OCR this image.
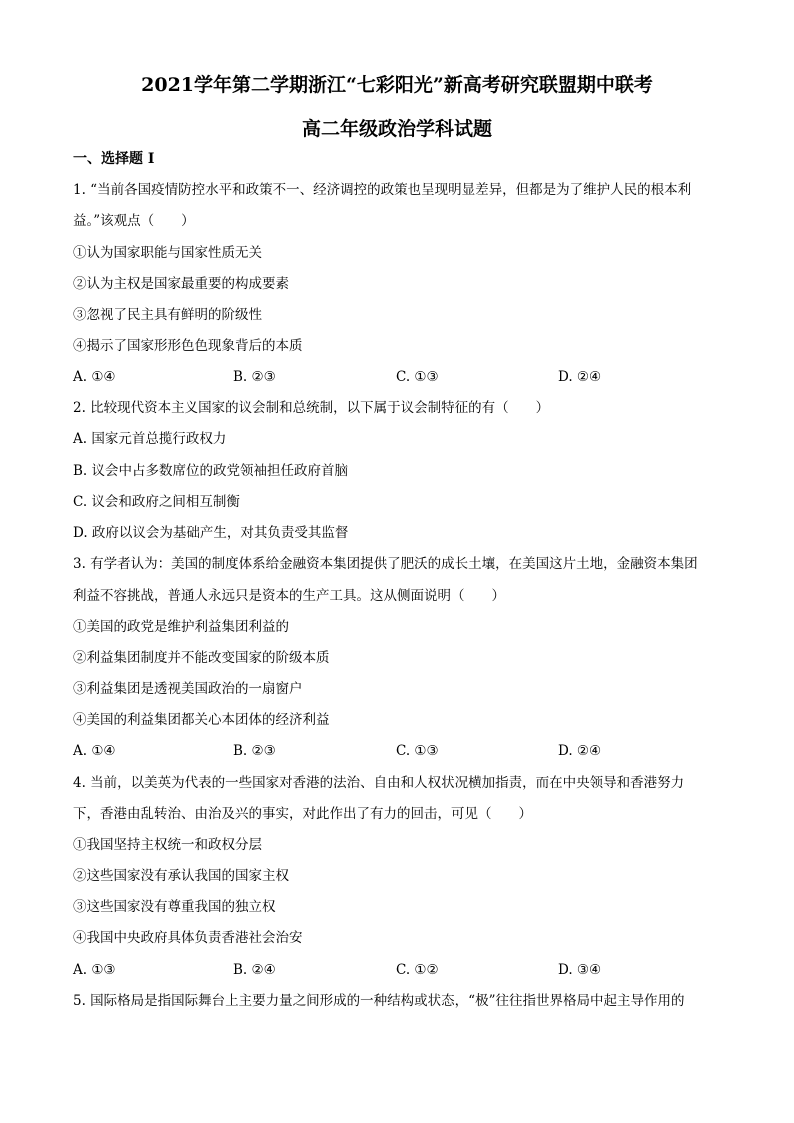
2021学年第二学期浙江“七彩阳光”新高考研究联盟期中联考
高二年级政治学科试题
一、选择题 I
1. “当前各国疫情防控水平和政策不一、经济调控的政策也呈现明显差异，但都是为了维护人民的根本利
益。”该观点（　　）
①认为国家职能与国家性质无关
②认为主权是国家最重要的构成要素
③忽视了民主具有鲜明的阶级性
④揭示了国家形形色色现象背后的本质
A. ①④	B. ②③	C. ①③	D. ②④
2. 比较现代资本主义国家的议会制和总统制，以下属于议会制特征的有（　　）
A. 国家元首总揽行政权力
B. 议会中占多数席位的政党领袖担任政府首脑
C. 议会和政府之间相互制衡
D. 政府以议会为基础产生，对其负责受其监督
3. 有学者认为：美国的制度体系给金融资本集团提供了肥沃的成长土壤，在美国这片土地，金融资本集团
利益不容挑战，普通人永远只是资本的生产工具。这从侧面说明（　　）
①美国的政党是维护利益集团利益的
②利益集团制度并不能改变国家的阶级本质
③利益集团是透视美国政治的一扇窗户
④美国的利益集团都关心本团体的经济利益
A. ①④	B. ②③	C. ①③	D. ②④
4. 当前，以美英为代表的一些国家对香港的法治、自由和人权状况横加指责，而在中央领导和香港努力
下，香港由乱转治、由治及兴的事实，对此作出了有力的回击，可见（　　）
①我国坚持主权统一和政权分层
②这些国家没有承认我国的国家主权
③这些国家没有尊重我国的独立权
④我国中央政府具体负责香港社会治安
A. ①③	B. ②④	C. ①②	D. ③④
5. 国际格局是指国际舞台上主要力量之间形成的一种结构或状态，“极”往往指世界格局中起主导作用的
